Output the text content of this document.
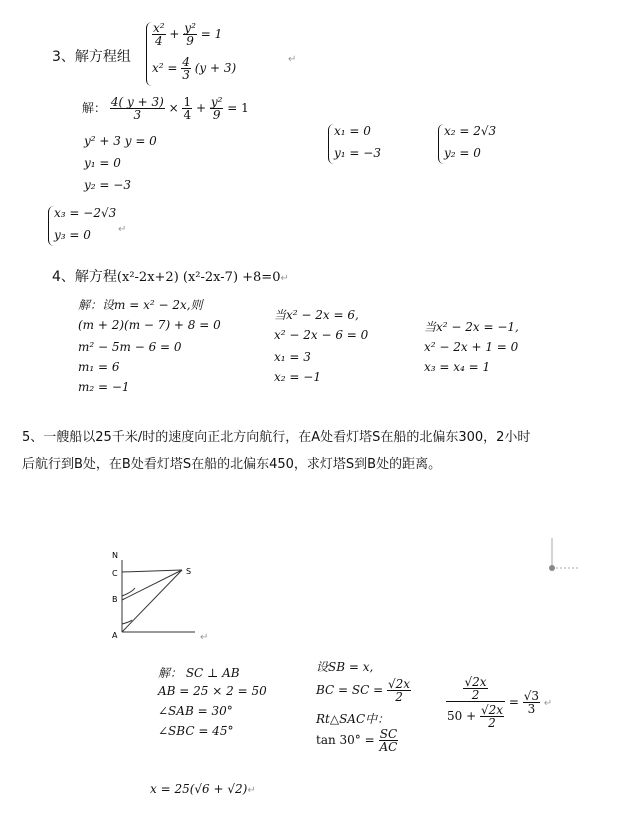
3、解方程组
$\frac{\text{x²}}{4} + \frac{\text{y²}}{9} = 1$
$x^2 = \frac{4}{3} (y + 3)$
↵
解： $\frac{4( y + 3)}{3} \times \frac{1}{4} + \frac{\text{y²}}{9} = 1$
y² + 3 y = 0
y₁ = 0
y₂ = −3
x₁ = 0
y₁ = −3
x₂ = 2√3
y₂ = 0
x₃ = −2√3
y₃ = 0	↵
4、解方程(x²-2x+2) (x²-2x-7) +8=0↵
解：设m = x² − 2x,则
(m + 2)(m − 7) + 8 = 0
m² − 5m − 6 = 0
m₁ = 6
m₂ = −1
当x² − 2x = 6,
x² − 2x − 6 = 0
x₁ = 3
x₂ = −1
当x² − 2x = −1,
x² − 2x + 1 = 0
x₃ = x₄ = 1
5、一艘船以25千米/时的速度向正北方向航行，在A处看灯塔S在船的北偏东300，2小时
后航行到B处，在B处看灯塔S在船的北偏东450，求灯塔S到B处的距离。
N
C
B
A
S
↵
解： SC ⊥ AB
AB = 25 × 2 = 50
∠SAB = 30°
∠SBC = 45°
设SB = x,
BC = SC = $\frac{√2x}{2}$
Rt△SAC中：
$\tan 30^\circ = \frac{SC}{AC}$
$\frac{\frac{√2x}{2}}{50 + \frac{√2x}{2}} = \frac{√3}{3}$ ↵
x = 25(√6 + √2)↵
